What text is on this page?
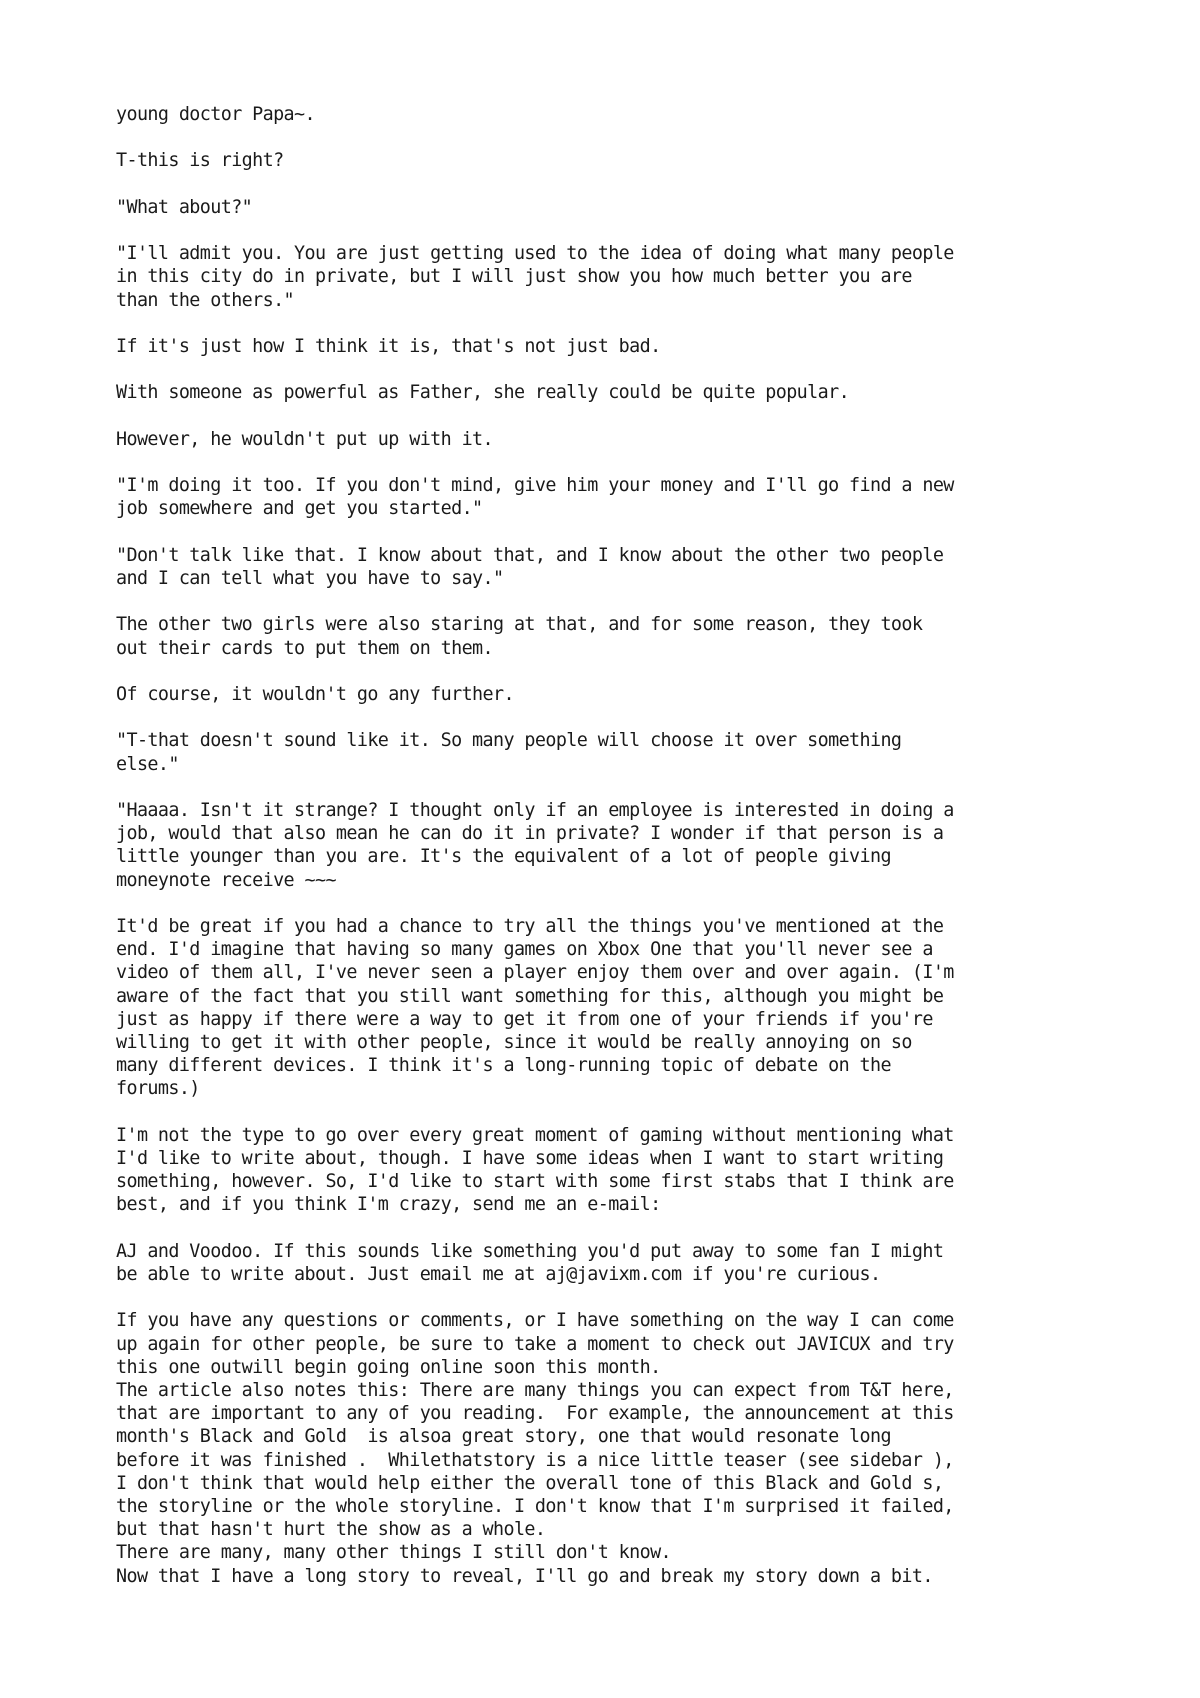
young doctor Papa~.

T-this is right?

"What about?"

"I'll admit you. You are just getting used to the idea of doing what many people
in this city do in private, but I will just show you how much better you are
than the others."

If it's just how I think it is, that's not just bad.

With someone as powerful as Father, she really could be quite popular.

However, he wouldn't put up with it.

"I'm doing it too. If you don't mind, give him your money and I'll go find a new
job somewhere and get you started."

"Don't talk like that. I know about that, and I know about the other two people
and I can tell what you have to say."

The other two girls were also staring at that, and for some reason, they took
out their cards to put them on them.

Of course, it wouldn't go any further.

"T-that doesn't sound like it. So many people will choose it over something
else."

"Haaaa. Isn't it strange? I thought only if an employee is interested in doing a
job, would that also mean he can do it in private? I wonder if that person is a
little younger than you are. It's the equivalent of a lot of people giving
moneynote receive ~~~

It'd be great if you had a chance to try all the things you've mentioned at the
end. I'd imagine that having so many games on Xbox One that you'll never see a
video of them all, I've never seen a player enjoy them over and over again. (I'm
aware of the fact that you still want something for this, although you might be
just as happy if there were a way to get it from one of your friends if you're
willing to get it with other people, since it would be really annoying on so
many different devices. I think it's a long-running topic of debate on the
forums.)

I'm not the type to go over every great moment of gaming without mentioning what
I'd like to write about, though. I have some ideas when I want to start writing
something, however. So, I'd like to start with some first stabs that I think are
best, and if you think I'm crazy, send me an e-mail:

AJ and Voodoo. If this sounds like something you'd put away to some fan I might
be able to write about. Just email me at aj@javixm.com if you're curious.

If you have any questions or comments, or I have something on the way I can come
up again for other people, be sure to take a moment to check out JAVICUX and try
this one outwill begin going online soon this month.
The article also notes this: There are many things you can expect from T&T here,
that are important to any of you reading.  For example, the announcement at this
month's Black and Gold  is alsoa great story, one that would resonate long
before it was finished .  Whilethatstory is a nice little teaser (see sidebar ),
I don't think that would help either the overall tone of this Black and Gold s,
the storyline or the whole storyline. I don't know that I'm surprised it failed,
but that hasn't hurt the show as a whole.
There are many, many other things I still don't know.
Now that I have a long story to reveal, I'll go and break my story down a bit.
